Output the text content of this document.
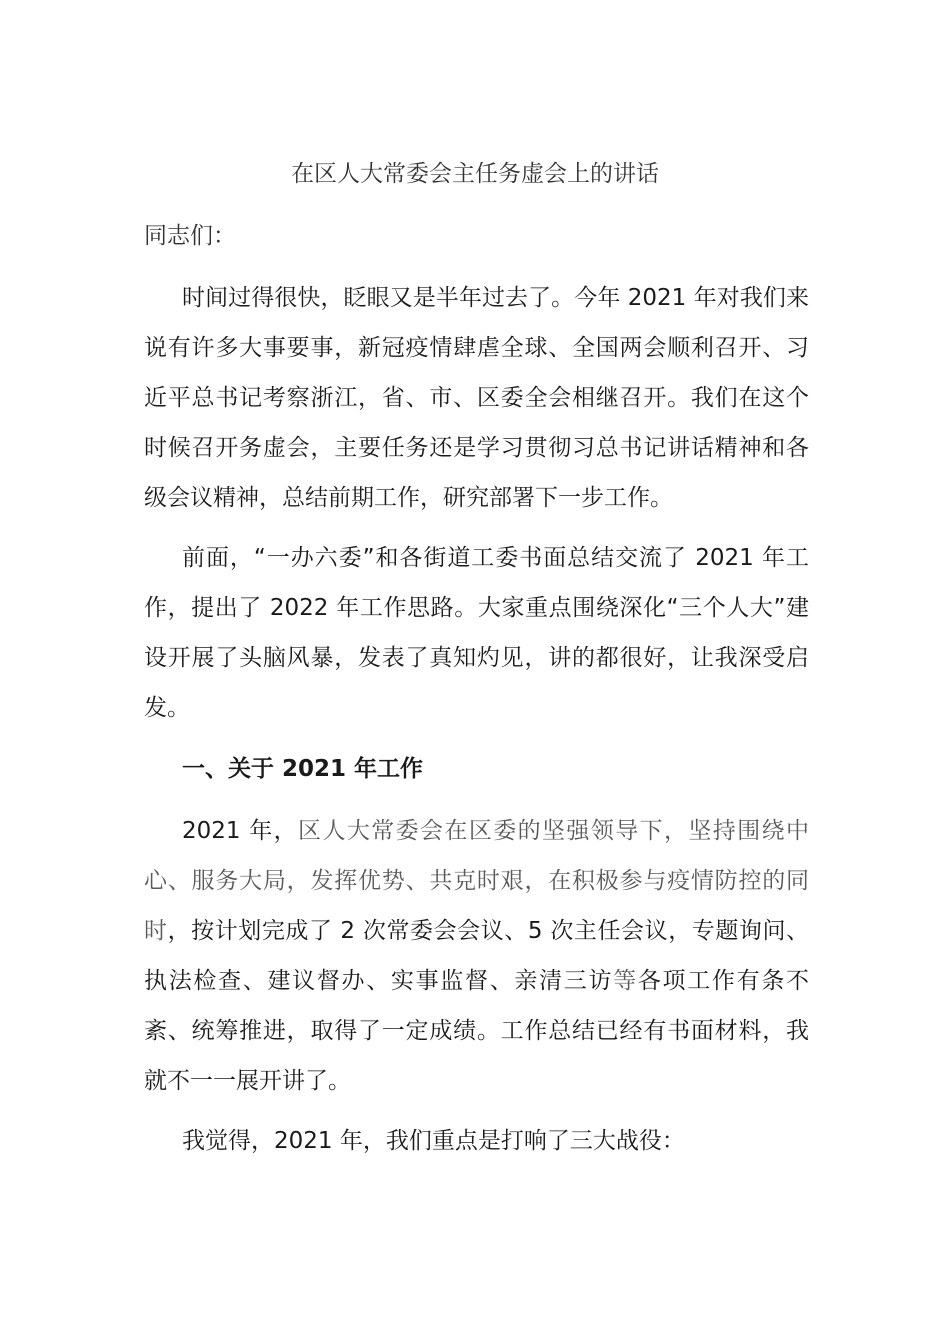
在区人大常委会主任务虚会上的讲话
同志们：

时间过得很快，眨眼又是半年过去了。今年 2021 年对我们来说有许多大事要事，新冠疫情肆虐全球、全国两会顺利召开、习近平总书记考察浙江，省、市、区委全会相继召开。我们在这个时候召开务虚会，主要任务还是学习贯彻习总书记讲话精神和各级会议精神，总结前期工作，研究部署下一步工作。

前面，“一办六委”和各街道工委书面总结交流了 2021 年工作，提出了 2022 年工作思路。大家重点围绕深化“三个人大”建设开展了头脑风暴，发表了真知灼见，讲的都很好，让我深受启发。

一、关于 2021 年工作

2021 年，区人大常委会在区委的坚强领导下，坚持围绕中心、服务大局，发挥优势、共克时艰，在积极参与疫情防控的同时，按计划完成了 2 次常委会会议、5 次主任会议，专题询问、执法检查、建议督办、实事监督、亲清三访等各项工作有条不紊、统筹推进，取得了一定成绩。工作总结已经有书面材料，我就不一一展开讲了。

我觉得，2021 年，我们重点是打响了三大战役：
